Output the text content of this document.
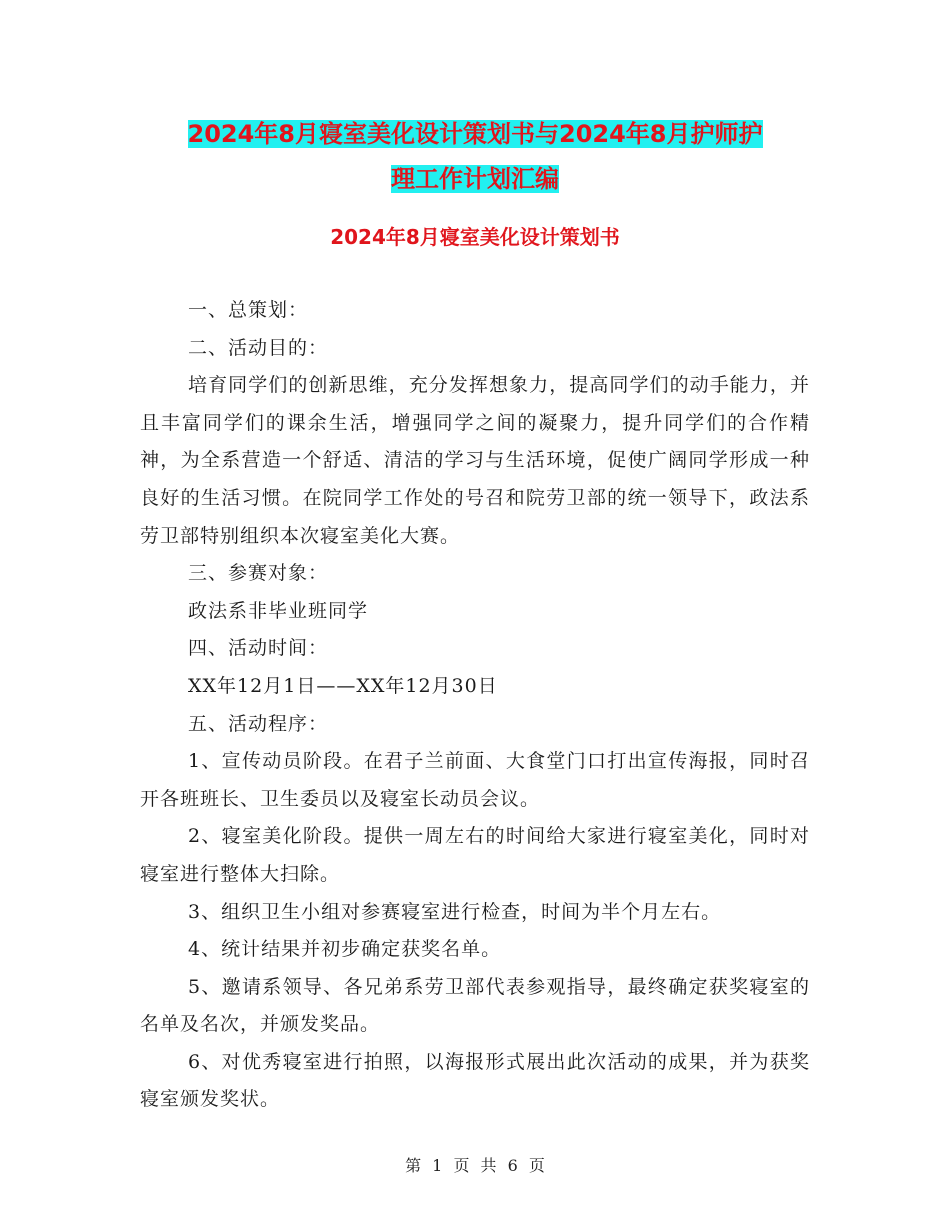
2024年8月寝室美化设计策划书与2024年8月护师护
理工作计划汇编
2024年8月寝室美化设计策划书

一、总策划：

二、活动目的：

培育同学们的创新思维，充分发挥想象力，提高同学们的动手能力，并且丰富同学们的课余生活，增强同学之间的凝聚力，提升同学们的合作精神，为全系营造一个舒适、清洁的学习与生活环境，促使广阔同学形成一种良好的生活习惯。在院同学工作处的号召和院劳卫部的统一领导下，政法系劳卫部特别组织本次寝室美化大赛。

三、参赛对象：

政法系非毕业班同学

四、活动时间：

XX年12月1日——XX年12月30日

五、活动程序：

1、宣传动员阶段。在君子兰前面、大食堂门口打出宣传海报，同时召开各班班长、卫生委员以及寝室长动员会议。

2、寝室美化阶段。提供一周左右的时间给大家进行寝室美化，同时对寝室进行整体大扫除。

3、组织卫生小组对参赛寝室进行检查，时间为半个月左右。

4、统计结果并初步确定获奖名单。

5、邀请系领导、各兄弟系劳卫部代表参观指导，最终确定获奖寝室的名单及名次，并颁发奖品。

6、对优秀寝室进行拍照，以海报形式展出此次活动的成果，并为获奖寝室颁发奖状。

第 1 页 共 6 页
